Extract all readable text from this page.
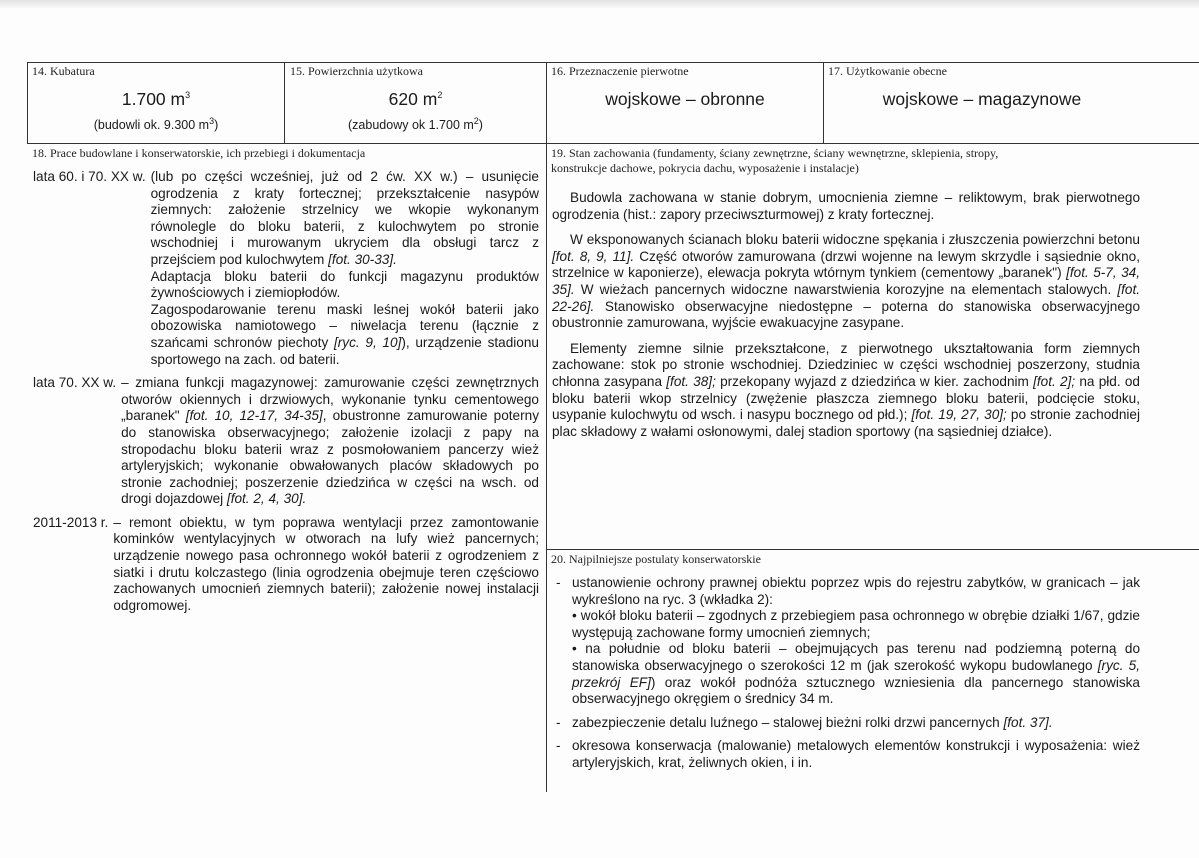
14. Kubatura
1.700 $m^3$
(budowli ok. 9.300 $m^3$)
15. Powierzchnia użytkowa
620 $m^2$
(zabudowy ok 1.700 $m^2$)
16. Przeznaczenie pierwotne
wojskowe – obronne
17. Użytkowanie obecne
wojskowe – magazynowe
18. Prace budowlane i konserwatorskie, ich przebiegi i dokumentacja
lata 60. i 70. XX w. (lub po części wcześniej, już od 2 ćw. XX w.) – usunięcie ogrodzenia z kraty fortecznej; przekształcenie nasypów ziemnych: założenie strzelnicy we wkopie wykonanym równolegle do bloku baterii, z kulochwytem po stronie wschodniej i murowanym ukryciem dla obsługi tarcz z przejściem pod kulochwytem [fot. 30-33].
Adaptacja bloku baterii do funkcji magazynu produktów żywnościowych i ziemiopłodów.
Zagospodarowanie terenu maski leśnej wokół baterii jako obozowiska namiotowego – niwelacja terenu (łącznie z szańcami schronów piechoty [ryc. 9, 10]), urządzenie stadionu sportowego na zach. od baterii.
lata 70. XX w. – zmiana funkcji magazynowej: zamurowanie części zewnętrznych otworów okiennych i drzwiowych, wykonanie tynku cementowego „baranek" [fot. 10, 12-17, 34-35], obustronne zamurowanie poterny do stanowiska obserwacyjnego; założenie izolacji z papy na stropodachu bloku baterii wraz z posmołowaniem pancerzy wież artyleryjskich; wykonanie obwałowanych placów składowych po stronie zachodniej; poszerzenie dziedzińca w części na wsch. od drogi dojazdowej [fot. 2, 4, 30].
2011-2013 r. – remont obiektu, w tym poprawa wentylacji przez zamontowanie kominków wentylacyjnych w otworach na lufy wież pancernych; urządzenie nowego pasa ochronnego wokół baterii z ogrodzeniem z siatki i drutu kolczastego (linia ogrodzenia obejmuje teren częściowo zachowanych umocnień ziemnych baterii); założenie nowej instalacji odgromowej.
19. Stan zachowania (fundamenty, ściany zewnętrzne, ściany wewnętrzne, sklepienia, stropy,
konstrukcje dachowe, pokrycia dachu, wyposażenie i instalacje)

Budowla zachowana w stanie dobrym, umocnienia ziemne – reliktowym, brak pierwotnego ogrodzenia (hist.: zapory przeciwszturmowej) z kraty fortecznej.

W eksponowanych ścianach bloku baterii widoczne spękania i złuszczenia powierzchni betonu [fot. 8, 9, 11]. Część otworów zamurowana (drzwi wojenne na lewym skrzydle i sąsiednie okno, strzelnice w kaponierze), elewacja pokryta wtórnym tynkiem (cementowy „baranek") [fot. 5-7, 34, 35]. W wieżach pancernych widoczne nawarstwienia korozyjne na elementach stalowych. [fot. 22-26]. Stanowisko obserwacyjne niedostępne – poterna do stanowiska obserwacyjnego obustronnie zamurowana, wyjście ewakuacyjne zasypane.

Elementy ziemne silnie przekształcone, z pierwotnego ukształtowania form ziemnych zachowane: stok po stronie wschodniej. Dziedziniec w części wschodniej poszerzony, studnia chłonna zasypana [fot. 38]; przekopany wyjazd z dziedzińca w kier. zachodnim [fot. 2]; na płd. od bloku baterii wkop strzelnicy (zwężenie płaszcza ziemnego bloku baterii, podcięcie stoku, usypanie kulochwytu od wsch. i nasypu bocznego od płd.); [fot. 19, 27, 30]; po stronie zachodniej plac składowy z wałami osłonowymi, dalej stadion sportowy (na sąsiedniej działce).

20. Najpilniejsze postulaty konserwatorskie
- ustanowienie ochrony prawnej obiektu poprzez wpis do rejestru zabytków, w granicach – jak wykreślono na ryc. 3 (wkładka 2):
• wokół bloku baterii – zgodnych z przebiegiem pasa ochronnego w obrębie działki 1/67, gdzie występują zachowane formy umocnień ziemnych;
• na południe od bloku baterii – obejmujących pas terenu nad podziemną poterną do stanowiska obserwacyjnego o szerokości 12 m (jak szerokość wykopu budowlanego [ryc. 5, przekrój EF]) oraz wokół podnóża sztucznego wzniesienia dla pancernego stanowiska obserwacyjnego okręgiem o średnicy 34 m.
- zabezpieczenie detalu luźnego – stalowej bieżni rolki drzwi pancernych [fot. 37].
- okresowa konserwacja (malowanie) metalowych elementów konstrukcji i wyposażenia: wież artyleryjskich, krat, żeliwnych okien, i in.
